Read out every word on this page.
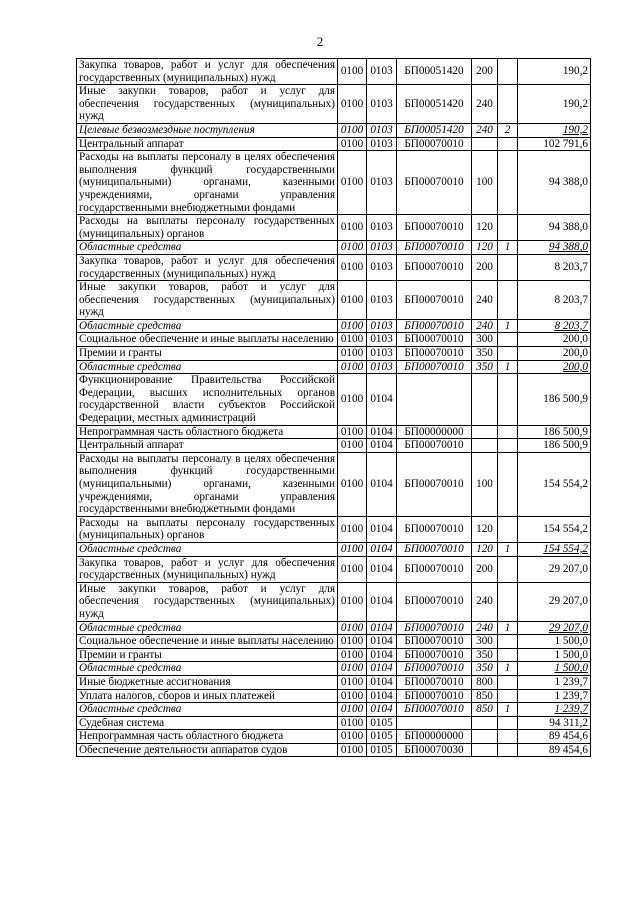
2
Закупка товаров, работ и услуг для обеспечения государственных (муниципальных) нужд	0100	0103	БП00051420	200		190,2
Иные закупки товаров, работ и услуг для обеспечения государственных (муниципальных) нужд	0100	0103	БП00051420	240		190,2
Целевые безвозмездные поступления	0100	0103	БП00051420	240	2	190,2
Центральный аппарат	0100	0103	БП00070010			102 791,6
Расходы на выплаты персоналу в целях обеспечения выполнения функций государственными (муниципальными) органами, казенными учреждениями, органами управления государственными внебюджетными фондами	0100	0103	БП00070010	100		94 388,0
Расходы на выплаты персоналу государственных (муниципальных) органов	0100	0103	БП00070010	120		94 388,0
Областные средства	0100	0103	БП00070010	120	1	94 388,0
Закупка товаров, работ и услуг для обеспечения государственных (муниципальных) нужд	0100	0103	БП00070010	200		8 203,7
Иные закупки товаров, работ и услуг для обеспечения государственных (муниципальных) нужд	0100	0103	БП00070010	240		8 203,7
Областные средства	0100	0103	БП00070010	240	1	8 203,7
Социальное обеспечение и иные выплаты населению	0100	0103	БП00070010	300		200,0
Премии и гранты	0100	0103	БП00070010	350		200,0
Областные средства	0100	0103	БП00070010	350	1	200,0
Функционирование Правительства Российской Федерации, высших исполнительных органов государственной власти субъектов Российской Федерации, местных администраций	0100	0104				186 500,9
Непрограммная часть областного бюджета	0100	0104	БП00000000			186 500,9
Центральный аппарат	0100	0104	БП00070010			186 500,9
Расходы на выплаты персоналу в целях обеспечения выполнения функций государственными (муниципальными) органами, казенными учреждениями, органами управления государственными внебюджетными фондами	0100	0104	БП00070010	100		154 554,2
Расходы на выплаты персоналу государственных (муниципальных) органов	0100	0104	БП00070010	120		154 554,2
Областные средства	0100	0104	БП00070010	120	1	154 554,2
Закупка товаров, работ и услуг для обеспечения государственных (муниципальных) нужд	0100	0104	БП00070010	200		29 207,0
Иные закупки товаров, работ и услуг для обеспечения государственных (муниципальных) нужд	0100	0104	БП00070010	240		29 207,0
Областные средства	0100	0104	БП00070010	240	1	29 207,0
Социальное обеспечение и иные выплаты населению	0100	0104	БП00070010	300		1 500,0
Премии и гранты	0100	0104	БП00070010	350		1 500,0
Областные средства	0100	0104	БП00070010	350	1	1 500,0
Иные бюджетные ассигнования	0100	0104	БП00070010	800		1 239,7
Уплата налогов, сборов и иных платежей	0100	0104	БП00070010	850		1 239,7
Областные средства	0100	0104	БП00070010	850	1	1 239,7
Судебная система	0100	0105				94 311,2
Непрограммная часть областного бюджета	0100	0105	БП00000000			89 454,6
Обеспечение деятельности аппаратов судов	0100	0105	БП00070030			89 454,6
